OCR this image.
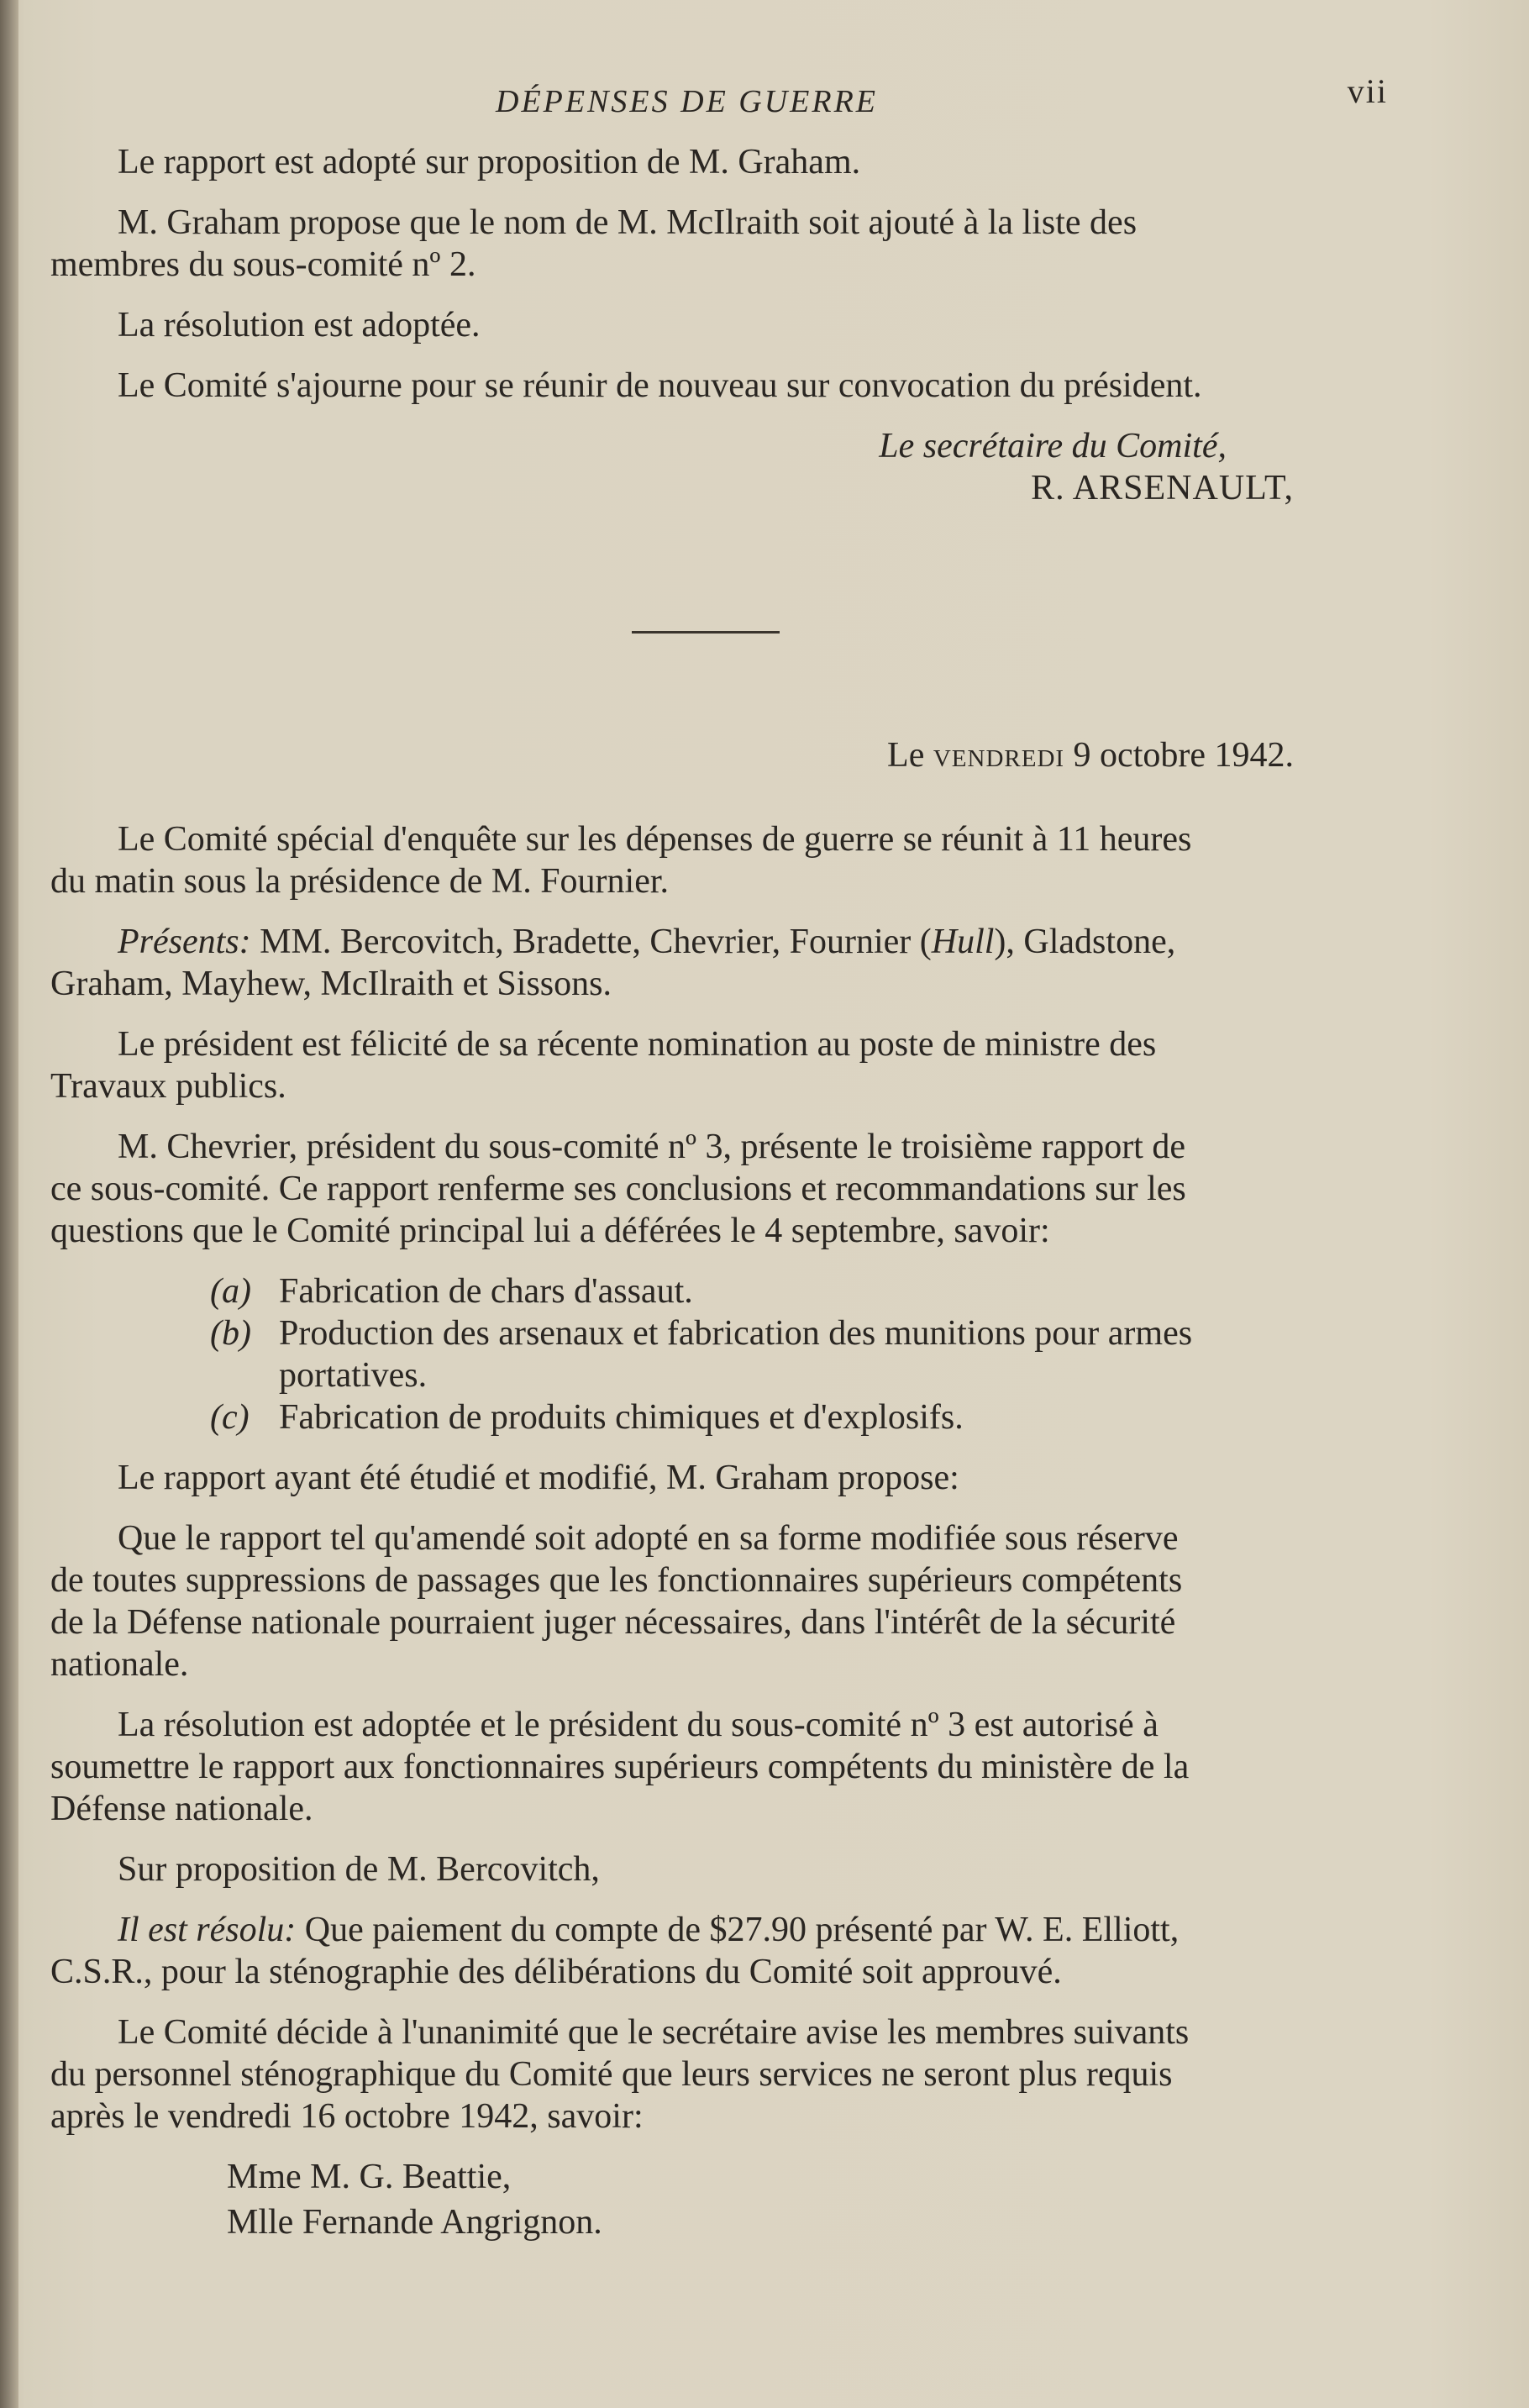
DÉPENSES DE GUERRE	vii

Le rapport est adopté sur proposition de M. Graham.

M. Graham propose que le nom de M. McIlraith soit ajouté à la liste des
membres du sous-comité nº 2.

La résolution est adoptée.

Le Comité s'ajourne pour se réunir de nouveau sur convocation du président.

Le secrétaire du Comité,
R. ARSENAULT,
Le vendredi 9 octobre 1942.
Le Comité spécial d'enquête sur les dépenses de guerre se réunit à 11 heures
du matin sous la présidence de M. Fournier.
Présents: MM. Bercovitch, Bradette, Chevrier, Fournier (Hull), Gladstone,
Graham, Mayhew, McIlraith et Sissons.
Le président est félicité de sa récente nomination au poste de ministre des
Travaux publics.
M. Chevrier, président du sous-comité nº 3, présente le troisième rapport de
ce sous-comité. Ce rapport renferme ses conclusions et recommandations sur les
questions que le Comité principal lui a déférées le 4 septembre, savoir:
(a) Fabrication de chars d'assaut.
(b) Production des arsenaux et fabrication des munitions pour armes portatives.
(c) Fabrication de produits chimiques et d'explosifs.

Le rapport ayant été étudié et modifié, M. Graham propose:

Que le rapport tel qu'amendé soit adopté en sa forme modifiée sous réserve
de toutes suppressions de passages que les fonctionnaires supérieurs compétents
de la Défense nationale pourraient juger nécessaires, dans l'intérêt de la sécurité
nationale.
La résolution est adoptée et le président du sous-comité nº 3 est autorisé à
soumettre le rapport aux fonctionnaires supérieurs compétents du ministère de la
Défense nationale.

Sur proposition de M. Bercovitch,

Il est résolu: Que paiement du compte de $27.90 présenté par W. E. Elliott,
C.S.R., pour la sténographie des délibérations du Comité soit approuvé.
Le Comité décide à l'unanimité que le secrétaire avise les membres suivants
du personnel sténographique du Comité que leurs services ne seront plus requis
après le vendredi 16 octobre 1942, savoir:
Mme M. G. Beattie,
Mlle Fernande Angrignon.
